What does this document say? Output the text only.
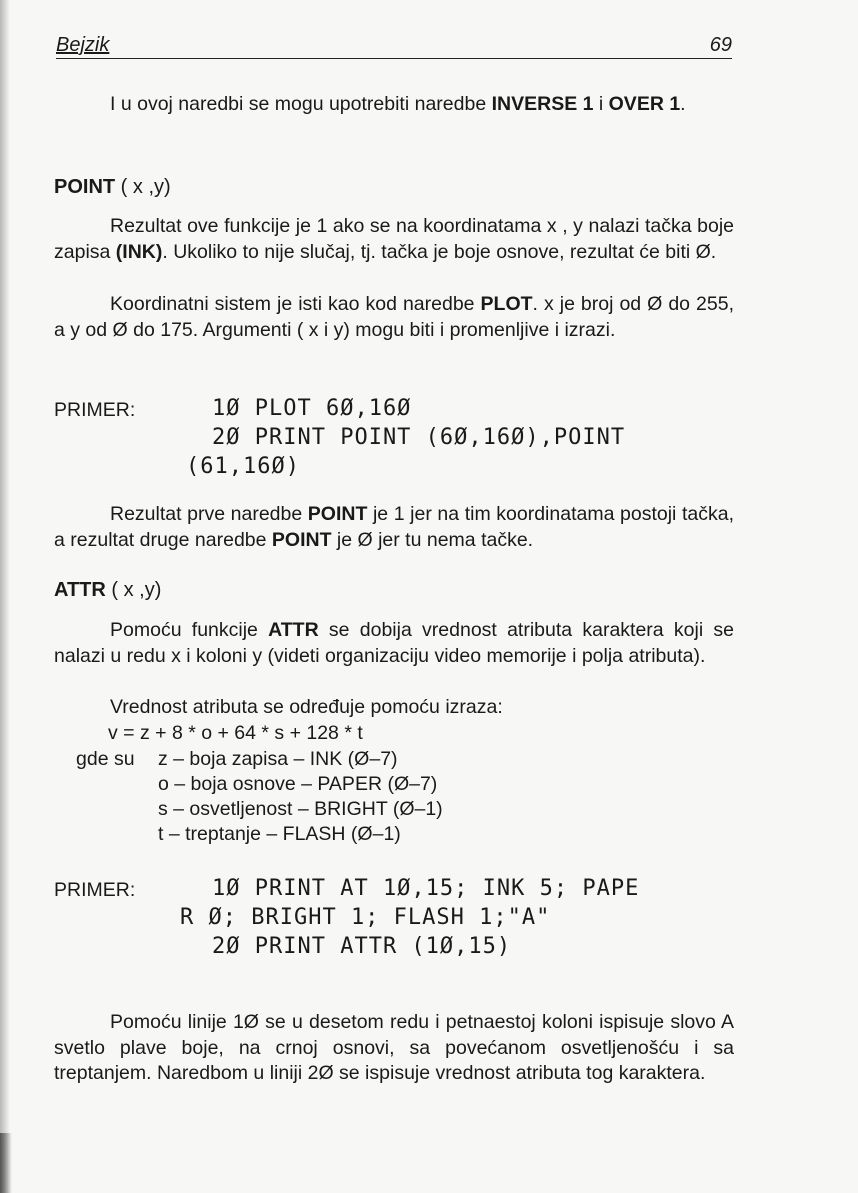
Bejzik	69

I u ovoj naredbi se mogu upotrebiti naredbe INVERSE 1 i OVER 1.

POINT ( x ,y)

Rezultat ove funkcije je 1 ako se na koordinatama x , y nalazi tačka boje zapisa (INK). Ukoliko to nije slučaj, tj. tačka je boje osnove, rezultat će biti Ø.

Koordinatni sistem je isti kao kod naredbe PLOT. x je broj od Ø do 255, a y od Ø do 175. Argumenti ( x i y) mogu biti i promenljive i izrazi.

PRIMER:	1Ø PLOT 6Ø,16Ø
2Ø PRINT POINT (6Ø,16Ø),POINT
(61,16Ø)

Rezultat prve naredbe POINT je 1 jer na tim koordinatama postoji tačka, a rezultat druge naredbe POINT je Ø jer tu nema tačke.

ATTR ( x ,y)

Pomoću funkcije ATTR se dobija vrednost atributa karaktera koji se nalazi u redu x i koloni y (videti organizaciju video memorije i polja atributa).

Vrednost atributa se određuje pomoću izraza:

v = z + 8 * o + 64 * s + 128 * t
gde su z – boja zapisa – INK (Ø–7)
o – boja osnove – PAPER (Ø–7)
s – osvetljenost – BRIGHT (Ø–1)
t – treptanje – FLASH (Ø–1)
PRIMER:	1Ø PRINT AT 1Ø,15; INK 5; PAPE
R Ø; BRIGHT 1; FLASH 1;"A"
2Ø PRINT ATTR (1Ø,15)

Pomoću linije 1Ø se u desetom redu i petnaestoj koloni ispisuje slovo A svetlo plave boje, na crnoj osnovi, sa povećanom osvetljenošću i sa treptanjem. Naredbom u liniji 2Ø se ispisuje vrednost atributa tog karaktera.
